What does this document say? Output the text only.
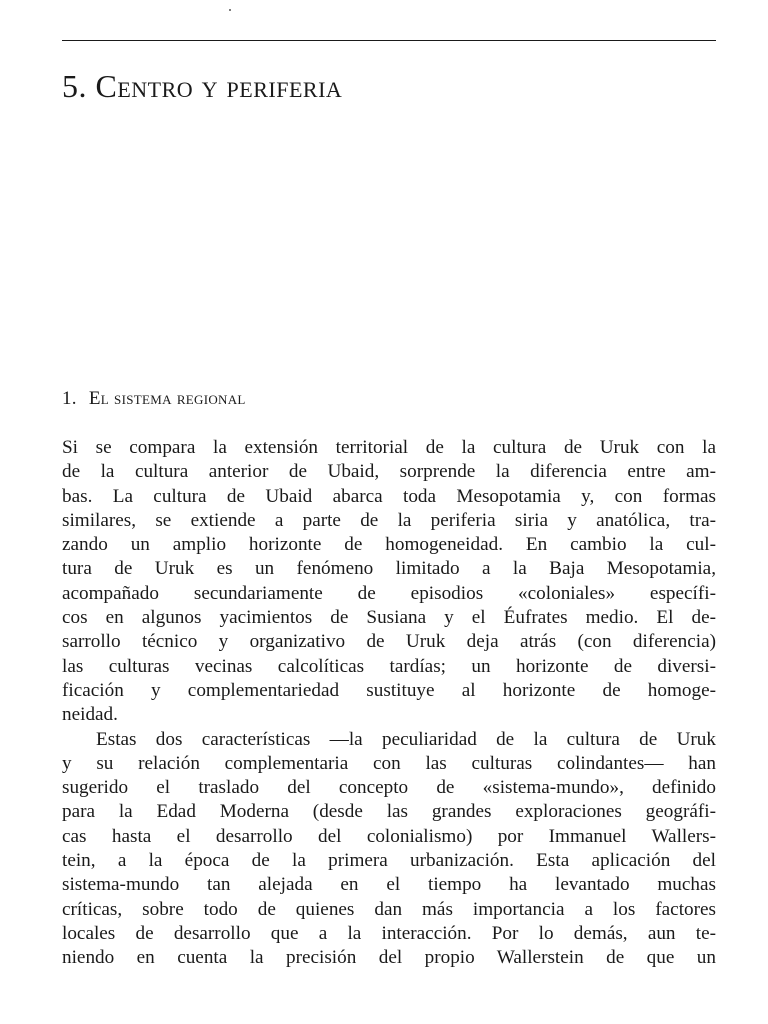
5. Centro y periferia
1. El sistema regional
Si se compara la extensión territorial de la cultura de Uruk con la
de la cultura anterior de Ubaid, sorprende la diferencia entre am-
bas. La cultura de Ubaid abarca toda Mesopotamia y, con formas
similares, se extiende a parte de la periferia siria y anatólica, tra-
zando un amplio horizonte de homogeneidad. En cambio la cul-
tura de Uruk es un fenómeno limitado a la Baja Mesopotamia,
acompañado secundariamente de episodios «coloniales» específi-
cos en algunos yacimientos de Susiana y el Éufrates medio. El de-
sarrollo técnico y organizativo de Uruk deja atrás (con diferencia)
las culturas vecinas calcolíticas tardías; un horizonte de diversi-
ficación y complementariedad sustituye al horizonte de homoge-
neidad.
Estas dos características —la peculiaridad de la cultura de Uruk
y su relación complementaria con las culturas colindantes— han
sugerido el traslado del concepto de «sistema-mundo», definido
para la Edad Moderna (desde las grandes exploraciones geográfi-
cas hasta el desarrollo del colonialismo) por Immanuel Wallers-
tein, a la época de la primera urbanización. Esta aplicación del
sistema-mundo tan alejada en el tiempo ha levantado muchas
críticas, sobre todo de quienes dan más importancia a los factores
locales de desarrollo que a la interacción. Por lo demás, aun te-
niendo en cuenta la precisión del propio Wallerstein de que un
